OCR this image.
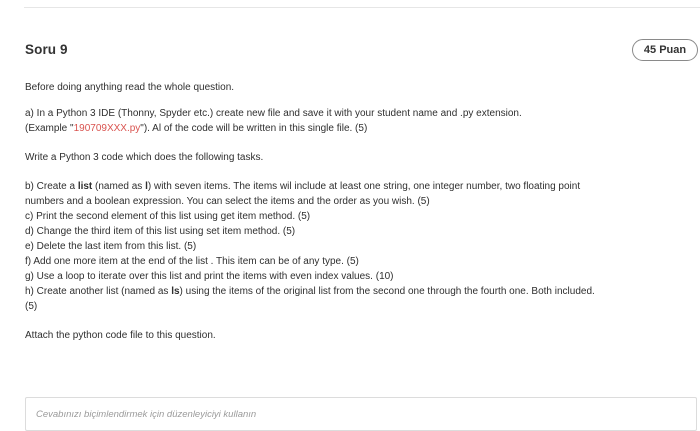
Soru 9	45 Puan

Before doing anything read the whole question.

a) In a Python 3 IDE (Thonny, Spyder etc.) create new file and save it with your student name and .py extension.

(Example "190709XXX.py"). Al of the code will be written in this single file. (5)

Write a Python 3 code which does the following tasks.

b) Create a list (named as l) with seven items. The items wil include at least one string, one integer number, two floating point

numbers and a boolean expression. You can select the items and the order as you wish. (5)

c) Print the second element of this list using get item method. (5)

d) Change the third item of this list using set item method. (5)

e) Delete the last item from this list. (5)

f) Add one more item at the end of the list . This item can be of any type. (5)

g) Use a loop to iterate over this list and print the items with even index values. (10)

h) Create another list (named as ls) using the items of the original list from the second one through the fourth one. Both included.

(5)

Attach the python code file to this question.

Cevabınızı biçimlendirmek için düzenleyiciyi kullanın
